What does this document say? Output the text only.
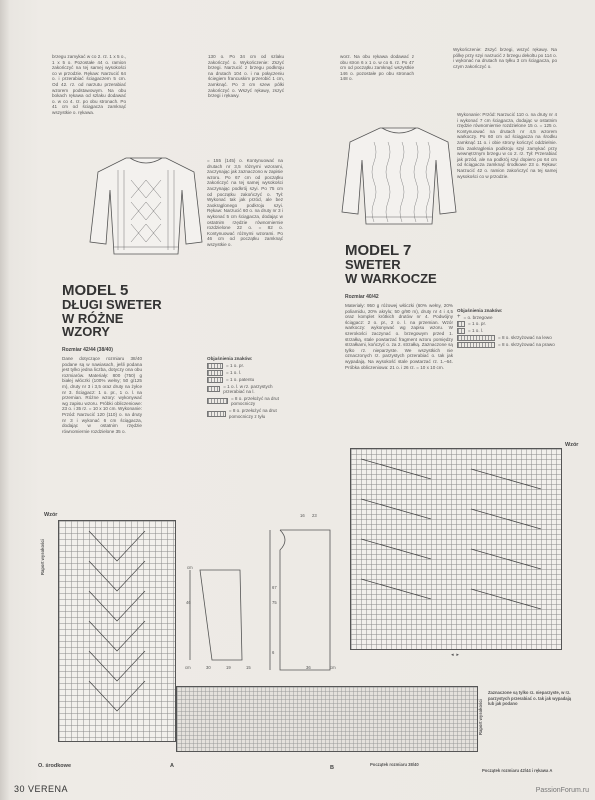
brzegu zamykać w co 2. rz. 1 x 5 o., 1 x 5 o. Pozostałe 44 o. ramion zakończyć na tej samej wysokości co w przodzie. Rękaw: Narzucić 64 o. i przerabiać ściągaczem 5 cm. Od 42. rz. od narzutu przerabiać wzorem podstawowym. Na obu bokach rękawa od szlaku dodawać o. w co 4. rz. po obu stronach. Po 41 cm od ściągacza zamknąć wszystkie o. rękawa.

130 o. Po 34 cm od szlaku zakończyć o. Wykończenie: Zszyć brzegi. Narzucić z brzegu podkroju na drutach 104 o. i na połączeniu ściegiem francuskim przerobić 1 cm, zamknąć. Po 3 cm szew pólki zakończyć o. Wszyć rękawy, zszyć brzegi i rękawy.

worz. Na obu rękawa dodawać z obu stron 6 x 1 o. w co 6. rz. Po 47 cm od początku zamknąć wszystkie 146 o. pozostałe po obu stronach 148 o.

Wykończenie: Zszyć brzegi, wszyć rękawy. Na pólkę przy szyi narzucić z brzegu dekoltu po 114 o. i wykonać na drutach na tyłku 3 cm ściągacza, po czym zakończyć o.

MODEL 5
DŁUGI SWETER
W RÓŻNE
WZORY
Rozmiar 42/44 (38/40)

Dane dotyczące rozmiaru 38/40 podane są w nawiasach, jeśli podana jest tylko jedna liczba, dotyczy ona obu rozmiarów. Materiały: 800 (750) g białej włóczki (100% wełny; 50 g/125 m), druty nr 3 i 3,5 oraz druty na żyłce nr 3. Ściągacz: 1 o. pr., 1 o. l. na przemian. Różne wzory: wykonywać wg zapisu wzoru. Próbki obliczeniowe: 23 o. i 35 rz. = 10 x 10 cm. Wykonanie: Przód: Narzucić 120 (110) o. na druty nr 3 i wykonać 6 cm ściągacza, dodając w ostatnim rzędzie równomiernie rozdzielone 35 o.

= 155 (145) o. Kontynuować na drutach nr 3,5 różnymi wzorami, zaczynając jak zaznaczono w zapisie wzoru. Po 67 cm od początku zakończyć na tej samej wysokości zaczynając podkrój szyi. Po 75 cm od początku zakończyć o. Tył: Wykonać tak jak przód, ale bez zaokrąglonego podkroju szyi. Rękaw: Narzucić 60 o. na druty nr 3 i wykonać 5 cm ściągacza, dodając w ostatnim rzędzie równomiernie rozdzielone 22 o. = 82 o. Kontynuować różnymi wzorami. Po 46 cm od początku zamknąć wszystkie o.

Objaśnienia znaków:
= 1 o. pr.
= 1 o. l.
= 1 o. patentu
= 1 o. l. w rz. parzystych przerabiać na l.
= 8 o. przełożyć na drut pomocniczy
= 8 o. przełożyć na drut pomocniczy z tyłu
MODEL 7
SWETER
W WARKOCZE
Rozmiar 40/42

Materiały: 950 g różowej włóczki (60% wełny, 20% poliamidu, 20% akrylu; 50 g/90 m), druty nr 4 i 4,5 oraz komplet krótkich drutów nr 4. Podwójny ściągacz: 2 o. pr., 2 o. l. na przemian. Wzór warkoczy: wykonywać wg zapisu wzoru. W szerokości zaczynać o. brzegowym przed 1. strzałką, stale powtarzać fragment wzoru pomiędzy strzałkami, kończyć o. za 2. strzałką. Zaznaczone są tylko rz. nieparzyste. We wszystkich nie oznaczonych rz. parzystych przerabiać o. tak jak wypadają. Na wysokość stale powtarzać rz. 1.–64. Próbka obliczeniowa: 21 o. i 26 rz. = 10 x 10 cm.

Wykonanie: Przód: Narzucić 110 o. na druty nr 4 i wykonać 7 cm ściągacza, dodając w ostatnim rzędzie równomiernie rozdzielone 15 o. = 125 o. Kontynuować na drutach nr 4,5 wzorem warkoczy. Po 60 cm od ściągacza na środku zamknąć 11 o. i obie strony kończyć oddzielnie. Dla zaokrąglenia podkroju szyi zamykać przy wewnętrznym brzegu w co 2. rz. Tył: Przerabiać jak przód, ale na podkrój szyi dopiero po 64 cm od ściągacza zamknąć środkowe 23 o. Rękaw: Narzucić 42 o. ramion zakończyć na tej samej wysokości co w przodzie.

Objaśnienia znaków:
+ = o. brzegowe
= 1 o. pr.
= 1 o. l.
= 8 o. skrzyżować na lewo
= 8 o. skrzyżować na prawo
Wzór
◄ ►
Wzór
Raport wysokości
O. środkowe	A
23
16
cm
67
75
6
46
30	36
19
cm	15	cm
Raport wysokości
Zaznaczone są tylko rz. nieparzyste, w rz. parzystych przerabiać o. tak jak wypadają lub jak podano
B
Początek rozmiaru 38/40
Początek rozmiaru 42/44 i rękawa A
30 VERENA	PassionForum.ru
